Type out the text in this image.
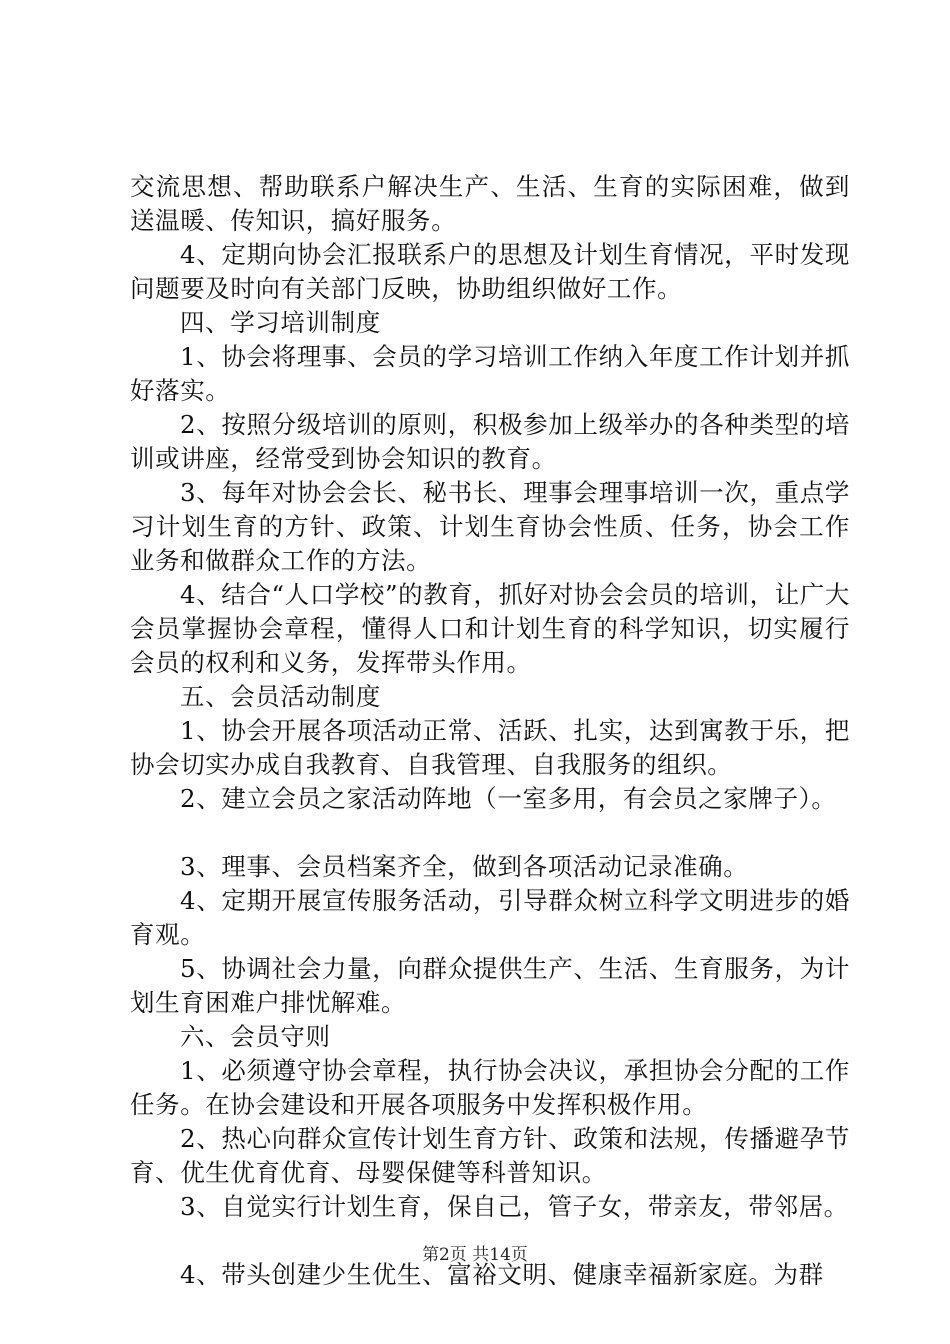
交流思想、帮助联系户解决生产、生活、生育的实际困难，做到送温暖、传知识，搞好服务。

4、定期向协会汇报联系户的思想及计划生育情况，平时发现问题要及时向有关部门反映，协助组织做好工作。

四、学习培训制度

1、协会将理事、会员的学习培训工作纳入年度工作计划并抓好落实。

2、按照分级培训的原则，积极参加上级举办的各种类型的培训或讲座，经常受到协会知识的教育。

3、每年对协会会长、秘书长、理事会理事培训一次，重点学习计划生育的方针、政策、计划生育协会性质、任务，协会工作业务和做群众工作的方法。

4、结合“人口学校”的教育，抓好对协会会员的培训，让广大会员掌握协会章程，懂得人口和计划生育的科学知识，切实履行会员的权利和义务，发挥带头作用。

五、会员活动制度

1、协会开展各项活动正常、活跃、扎实，达到寓教于乐，把协会切实办成自我教育、自我管理、自我服务的组织。

2、建立会员之家活动阵地（一室多用，有会员之家牌子）。

3、理事、会员档案齐全，做到各项活动记录准确。

4、定期开展宣传服务活动，引导群众树立科学文明进步的婚育观。

5、协调社会力量，向群众提供生产、生活、生育服务，为计划生育困难户排忧解难。

六、会员守则

1、必须遵守协会章程，执行协会决议，承担协会分配的工作任务。在协会建设和开展各项服务中发挥积极作用。

2、热心向群众宣传计划生育方针、政策和法规，传播避孕节育、优生优育优育、母婴保健等科普知识。

3、自觉实行计划生育，保自己，管子女，带亲友，带邻居。

4、带头创建少生优生、富裕文明、健康幸福新家庭。为群

第2页 共14页
